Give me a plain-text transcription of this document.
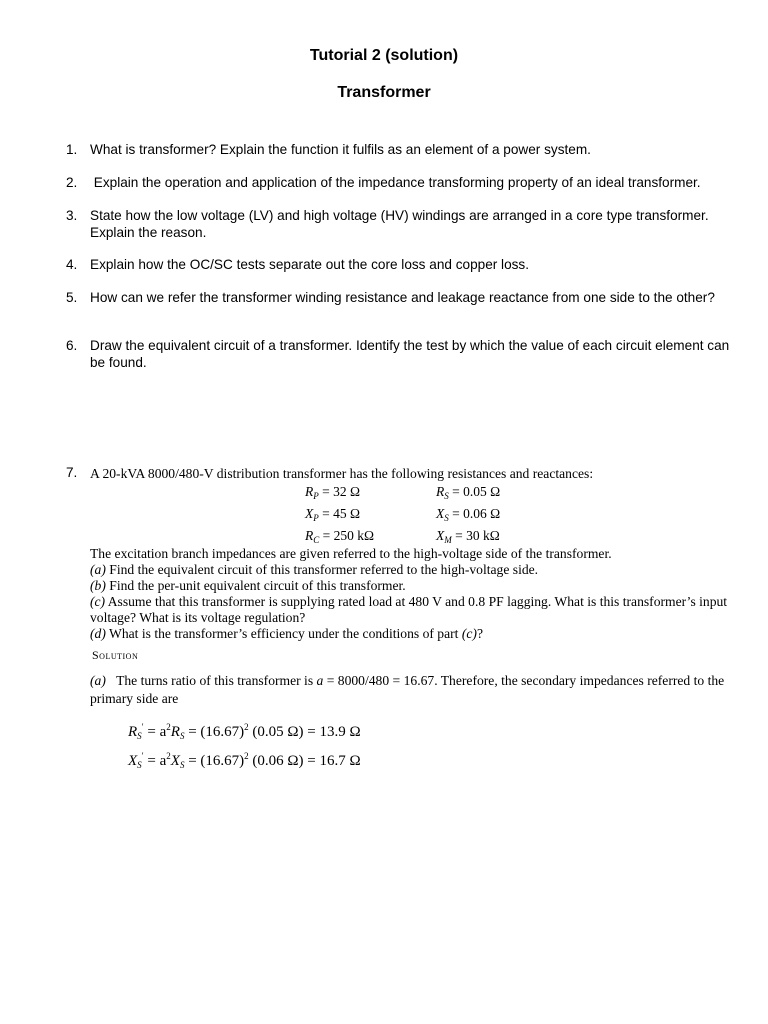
Tutorial 2 (solution)
Transformer
1. What is transformer? Explain the function it fulfils as an element of a power system.
2. Explain the operation and application of the impedance transforming property of an ideal transformer.
3. State how the low voltage (LV) and high voltage (HV) windings are arranged in a core type transformer. Explain the reason.
4. Explain how the OC/SC tests separate out the core loss and copper loss.
5. How can we refer the transformer winding resistance and leakage reactance from one side to the other?
6. Draw the equivalent circuit of a transformer. Identify the test by which the value of each circuit element can be found.
7. A 20-kVA 8000/480-V distribution transformer has the following resistances and reactances:
$R_P = 32$ Ω	$R_S = 0.05$ Ω
$X_P = 45$ Ω	$X_S = 0.06$ Ω
$R_C = 250$ kΩ	$X_M = 30$ kΩ
The excitation branch impedances are given referred to the high-voltage side of the transformer.
(a) Find the equivalent circuit of this transformer referred to the high-voltage side.
(b) Find the per-unit equivalent circuit of this transformer.
(c) Assume that this transformer is supplying rated load at 480 V and 0.8 PF lagging. What is this transformer’s input voltage? What is its voltage regulation?
(d) What is the transformer’s efficiency under the conditions of part (c)?
Solution
(a) The turns ratio of this transformer is a = 8000/480 = 16.67. Therefore, the secondary impedances referred to the primary side are
$R_S' = a^2R_S = (16.67)^2$ (0.05 Ω) = 13.9 Ω
$X_S' = a^2X_S = (16.67)^2$ (0.06 Ω) = 16.7 Ω
